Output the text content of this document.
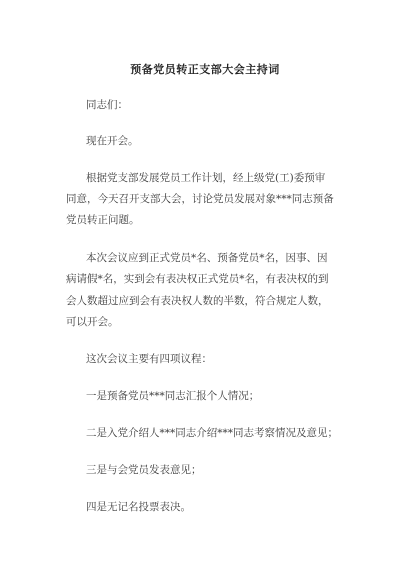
预备党员转正支部大会主持词
同志们：
现在开会。
根据党支部发展党员工作计划，经上级党(工)委预审
同意，今天召开支部大会，讨论党员发展对象***同志预备
党员转正问题。
本次会议应到正式党员*名、预备党员*名，因事、因
病请假*名，实到会有表决权正式党员*名，有表决权的到
会人数超过应到会有表决权人数的半数，符合规定人数，
可以开会。
这次会议主要有四项议程：
一是预备党员***同志汇报个人情况；
二是入党介绍人***同志介绍***同志考察情况及意见；
三是与会党员发表意见；
四是无记名投票表决。
